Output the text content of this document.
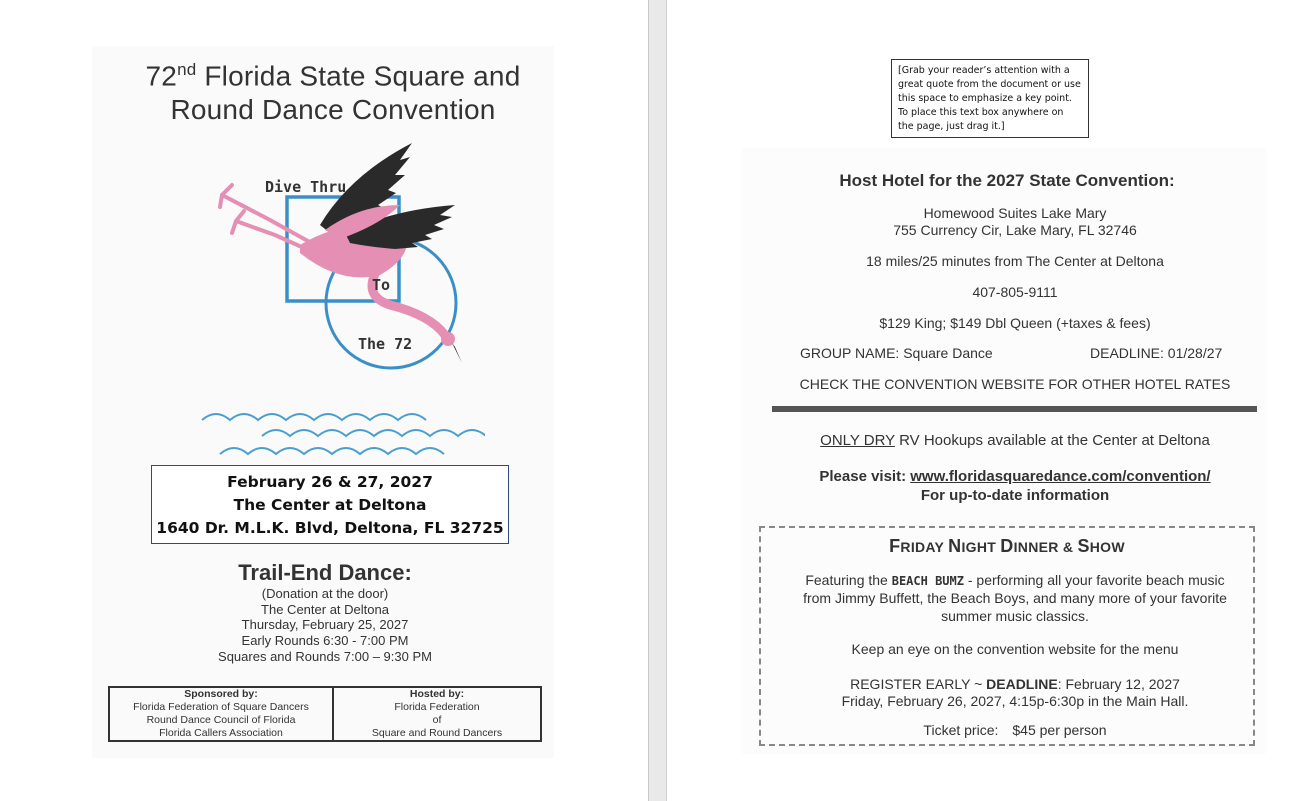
72nd Florida State Square and
Round Dance Convention
Dive Thru
To
The 72
February 26 & 27, 2027
The Center at Deltona
1640 Dr. M.L.K. Blvd, Deltona, FL 32725
Trail-End Dance:
(Donation at the door)
The Center at Deltona
Thursday, February 25, 2027
Early Rounds 6:30 - 7:00 PM
Squares and Rounds 7:00 – 9:30 PM
Sponsored by:
Florida Federation of Square Dancers
Round Dance Council of Florida
Florida Callers Association
Hosted by:
Florida Federation
of
Square and Round Dancers
[Grab your reader’s attention with a great quote from the document or use this space to emphasize a key point. To place this text box anywhere on the page, just drag it.]
Host Hotel for the 2027 State Convention:
Homewood Suites Lake Mary
755 Currency Cir, Lake Mary, FL 32746
18 miles/25 minutes from The Center at Deltona
407-805-9111
$129 King; $149 Dbl Queen (+taxes & fees)
GROUP NAME: Square Dance	DEADLINE: 01/28/27
CHECK THE CONVENTION WEBSITE FOR OTHER HOTEL RATES
ONLY DRY RV Hookups available at the Center at Deltona
Please visit: www.floridasquaredance.com/convention/
For up-to-date information
FRIDAY NIGHT DINNER & SHOW
Featuring the BEACH BUMZ - performing all your favorite beach music
from Jimmy Buffett, the Beach Boys, and many more of your favorite
summer music classics.
Keep an eye on the convention website for the menu
REGISTER EARLY ~ DEADLINE: February 12, 2027
Friday, February 26, 2027, 4:15p-6:30p in the Main Hall.
Ticket price: $45 per person
